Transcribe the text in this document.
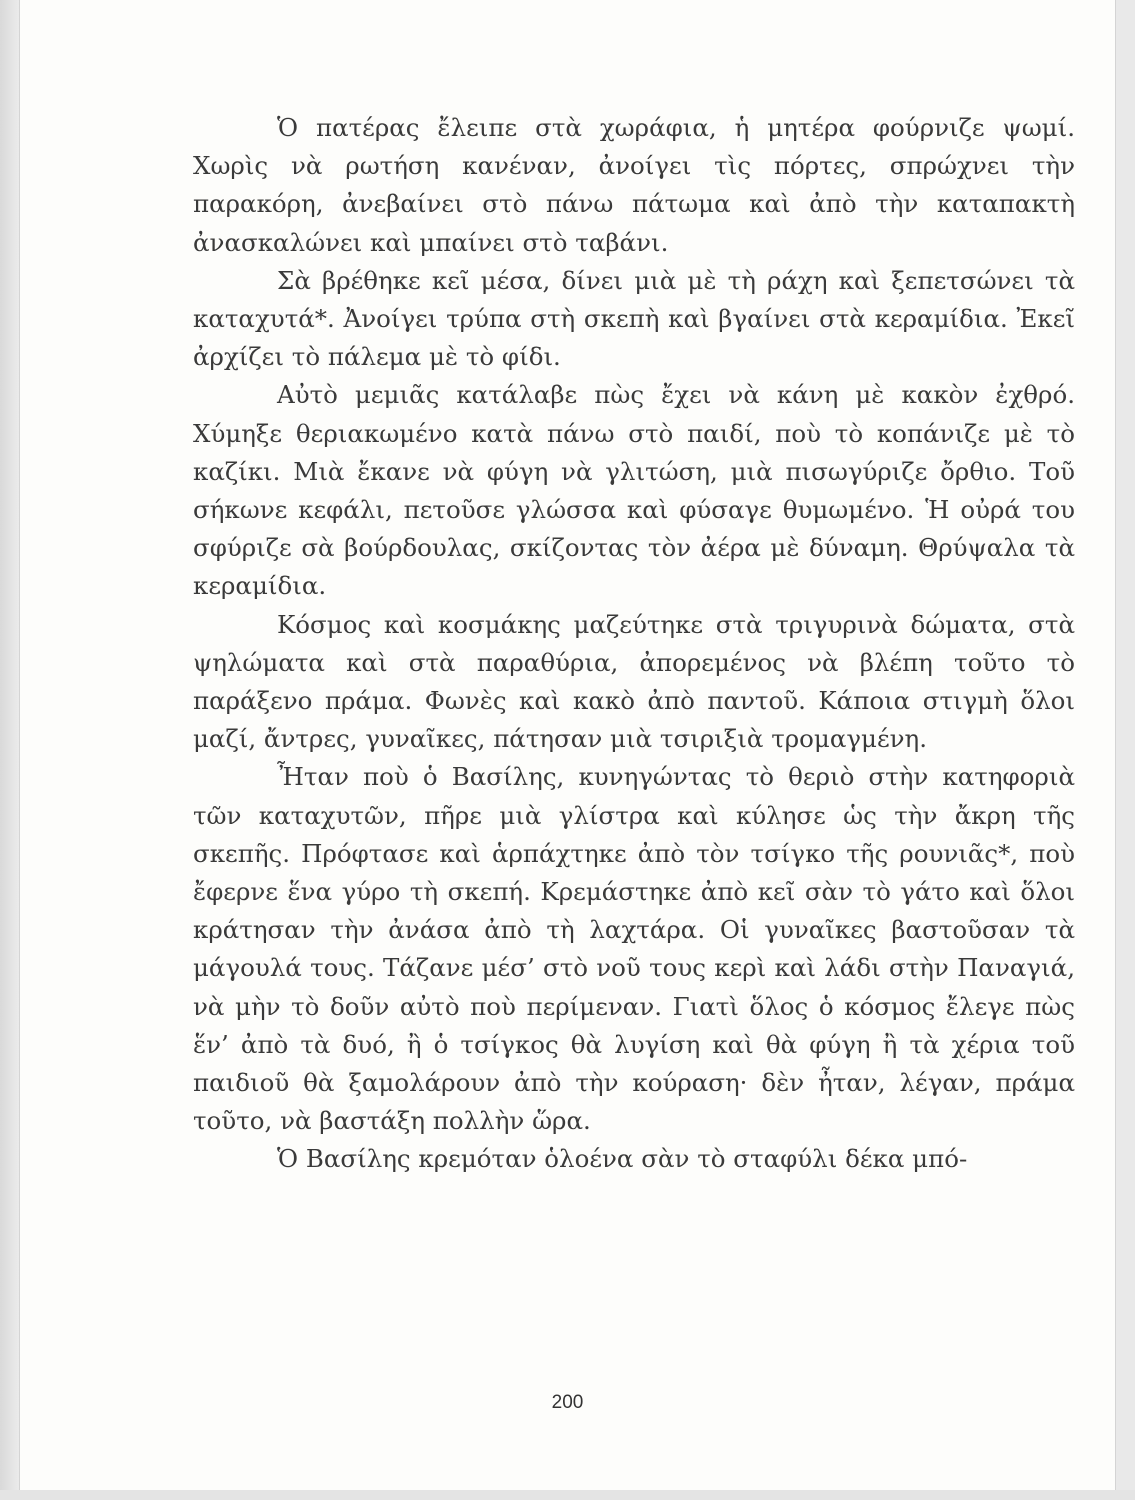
Ὁ πατέρας ἔλειπε στὰ χωράφια, ἡ μητέρα φούρνιζε ψωμί. Χωρὶς νὰ ρωτήση κανέναν, ἀνοίγει τὶς πόρτες, σπρώχνει τὴν παρακόρη, ἀνεβαίνει στὸ πάνω πάτωμα καὶ ἀπὸ τὴν καταπακτὴ ἀνασκαλώνει καὶ μπαίνει στὸ ταβάνι.

Σὰ βρέθηκε κεῖ μέσα, δίνει μιὰ μὲ τὴ ράχη καὶ ξεπετσώνει τὰ καταχυτά*. Ἀνοίγει τρύπα στὴ σκεπὴ καὶ βγαίνει στὰ κεραμίδια. Ἐκεῖ ἀρχίζει τὸ πάλεμα μὲ τὸ φίδι.

Αὐτὸ μεμιᾶς κατάλαβε πὼς ἔχει νὰ κάνη μὲ κακὸν ἐχθρό. Χύμηξε θεριακωμένο κατὰ πάνω στὸ παιδί, ποὺ τὸ κοπάνιζε μὲ τὸ καζίκι. Μιὰ ἔκανε νὰ φύγη νὰ γλιτώση, μιὰ πισωγύριζε ὄρθιο. Τοῦ σήκωνε κεφάλι, πετοῦσε γλώσσα καὶ φύσαγε θυμωμένο. Ἡ οὐρά του σφύριζε σὰ βούρδουλας, σκίζοντας τὸν ἀέρα μὲ δύναμη. Θρύψαλα τὰ κεραμίδια.

Κόσμος καὶ κοσμάκης μαζεύτηκε στὰ τριγυρινὰ δώματα, στὰ ψηλώματα καὶ στὰ παραθύρια, ἀπορεμένος νὰ βλέπη τοῦτο τὸ παράξενο πράμα. Φωνὲς καὶ κακὸ ἀπὸ παντοῦ. Κάποια στιγμὴ ὅλοι μαζί, ἄντρες, γυναῖκες, πάτησαν μιὰ τσιριξιὰ τρομαγμένη.

Ἦταν ποὺ ὁ Βασίλης, κυνηγώντας τὸ θεριὸ στὴν κατηφοριὰ τῶν καταχυτῶν, πῆρε μιὰ γλίστρα καὶ κύλησε ὡς τὴν ἄκρη τῆς σκεπῆς. Πρόφτασε καὶ ἁρπάχτηκε ἀπὸ τὸν τσίγκο τῆς ρουνιᾶς*, ποὺ ἔφερνε ἕνα γύρο τὴ σκεπή. Κρεμάστηκε ἀπὸ κεῖ σὰν τὸ γάτο καὶ ὅλοι κράτησαν τὴν ἀνάσα ἀπὸ τὴ λαχτάρα. Οἱ γυναῖκες βαστοῦσαν τὰ μάγουλά τους. Τάζανε μέσ’ στὸ νοῦ τους κερὶ καὶ λάδι στὴν Παναγιά, νὰ μὴν τὸ δοῦν αὐτὸ ποὺ περίμεναν. Γιατὶ ὅλος ὁ κόσμος ἔλεγε πὼς ἕν’ ἀπὸ τὰ δυό, ἢ ὁ τσίγκος θὰ λυγίση καὶ θὰ φύγη ἢ τὰ χέρια τοῦ παιδιοῦ θὰ ξαμολάρουν ἀπὸ τὴν κούραση· δὲν ἦταν, λέγαν, πράμα τοῦτο, νὰ βαστάξη πολλὴν ὥρα.

Ὁ Βασίλης κρεμόταν ὁλοένα σὰν τὸ σταφύλι δέκα μπό-

200
